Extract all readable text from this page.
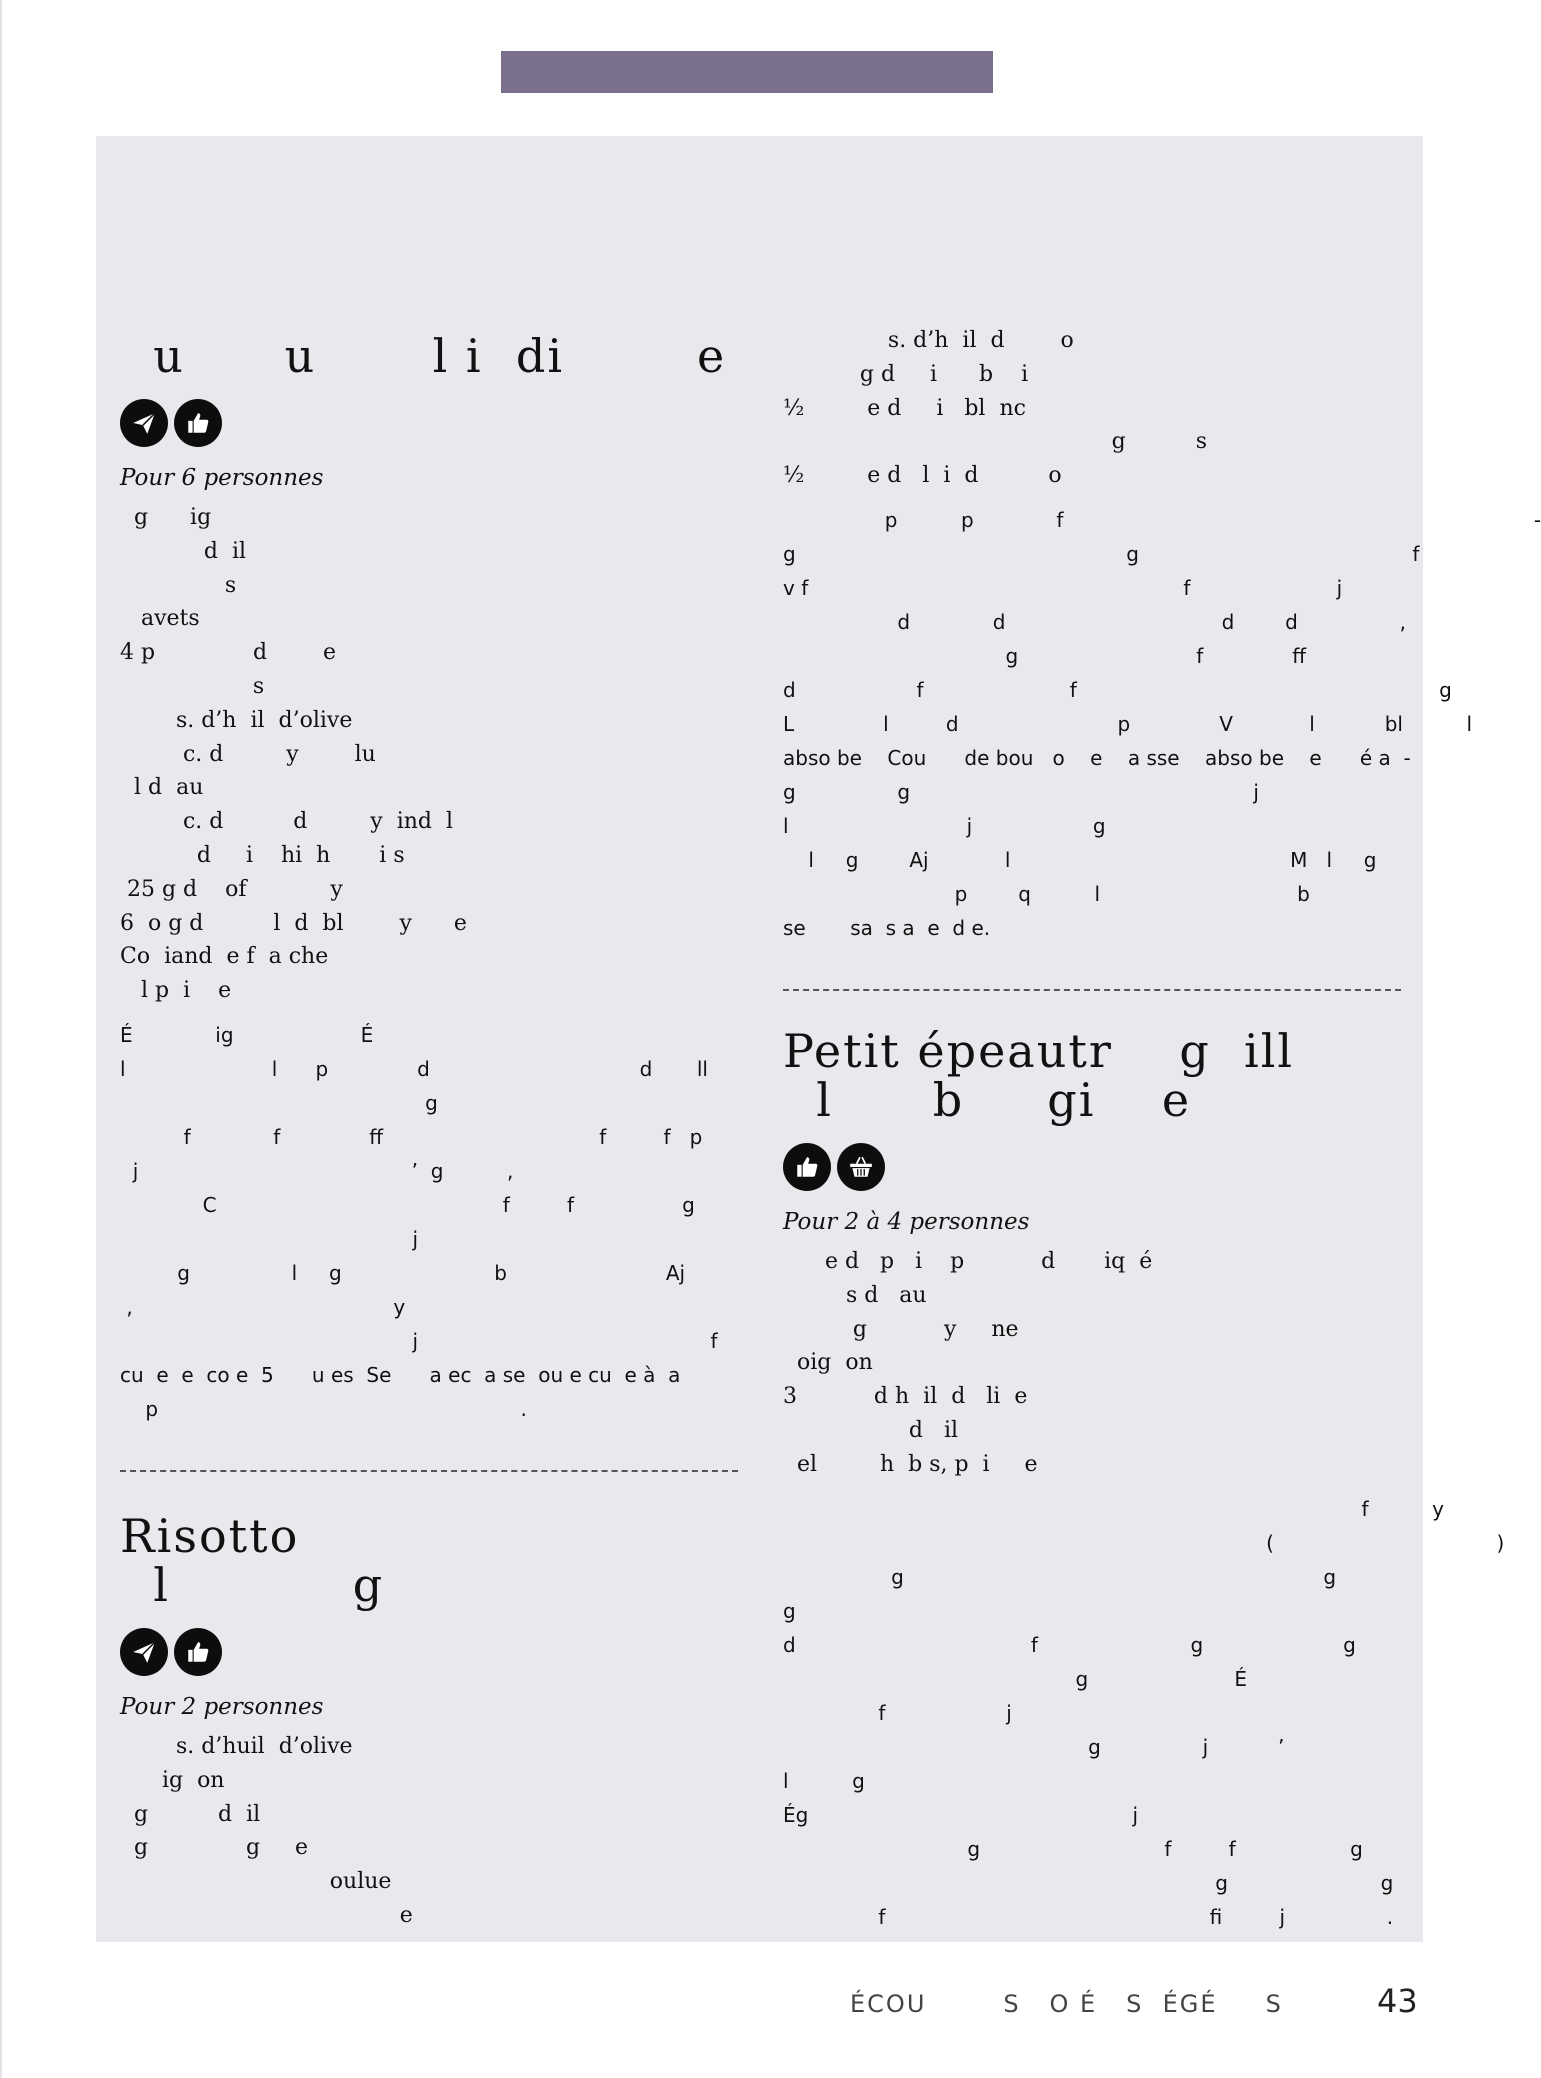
u      u       l i  di        e

Pour 6 personnes

g      ig
d  il
s
avets
4 p              d        e
s
s. d’h  il  d’olive
c. d         y        lu
l d  au
c. d          d         y  ind  l
d     i    hi  h       i s
25 g d    of            y
6  o g d          l  d  bl        y      e
Co  iand  e f  a che
l p  i    e
É             ig                    É
l                       l      p              d                                 d       ll
g
f             f              ff                                  f         f   p
j                                           ’  g          ,
C                                             f         f                 g
j
g                l     g                        b                         Aj
,                                         y
j                                              f
cu  e  e  co e  5      u es  Se      a ec  a se  ou e cu  e à  a
p                                                         .
Risotto
l           g

Pour 2 personnes

s. d’huil  d’olive
ig  on
g          d  il
g              g     e
oulue
e
s. d’h  il  d        o
g d     i      b    i
½         e d     i   bl  nc
g          s
½         e d   l  i  d          o
p          p             f                                                                          -
g                                                    g                                           f
v f                                                           f                       j
d             d                                  d        d                ,
g                            f              ff
d                   f                       f                                                         g
L              l         d                         p              V            l           bl          l
abso be    Cou      de bou   o    e    a sse    abso be    e      é a  -
g                g                                                      j
l                            j                   g
l     g        Aj            l                                            M   l     g
p        q          l                               b
se       sa  s a  e  d e.
Petit épeautr    g  ill
l      b     gi    e

Pour 2 à 4 personnes

e d   p   i    p           d       iq  é
s d   au
g           y     ne
oig  on
3           d h  il  d   li  e
d   il
el         h  b s, p  i     e
f          y
(                                   )
g                                                                  g
g
d                                     f                        g                      g
g                       É
f                   j
g                j           ’
l          g
Ég                                                   j
g                             f         f                  g
g                        g
f                                                   fi         j                .
ÉCOU        S   O É   S  ÉGÉ     S	43
